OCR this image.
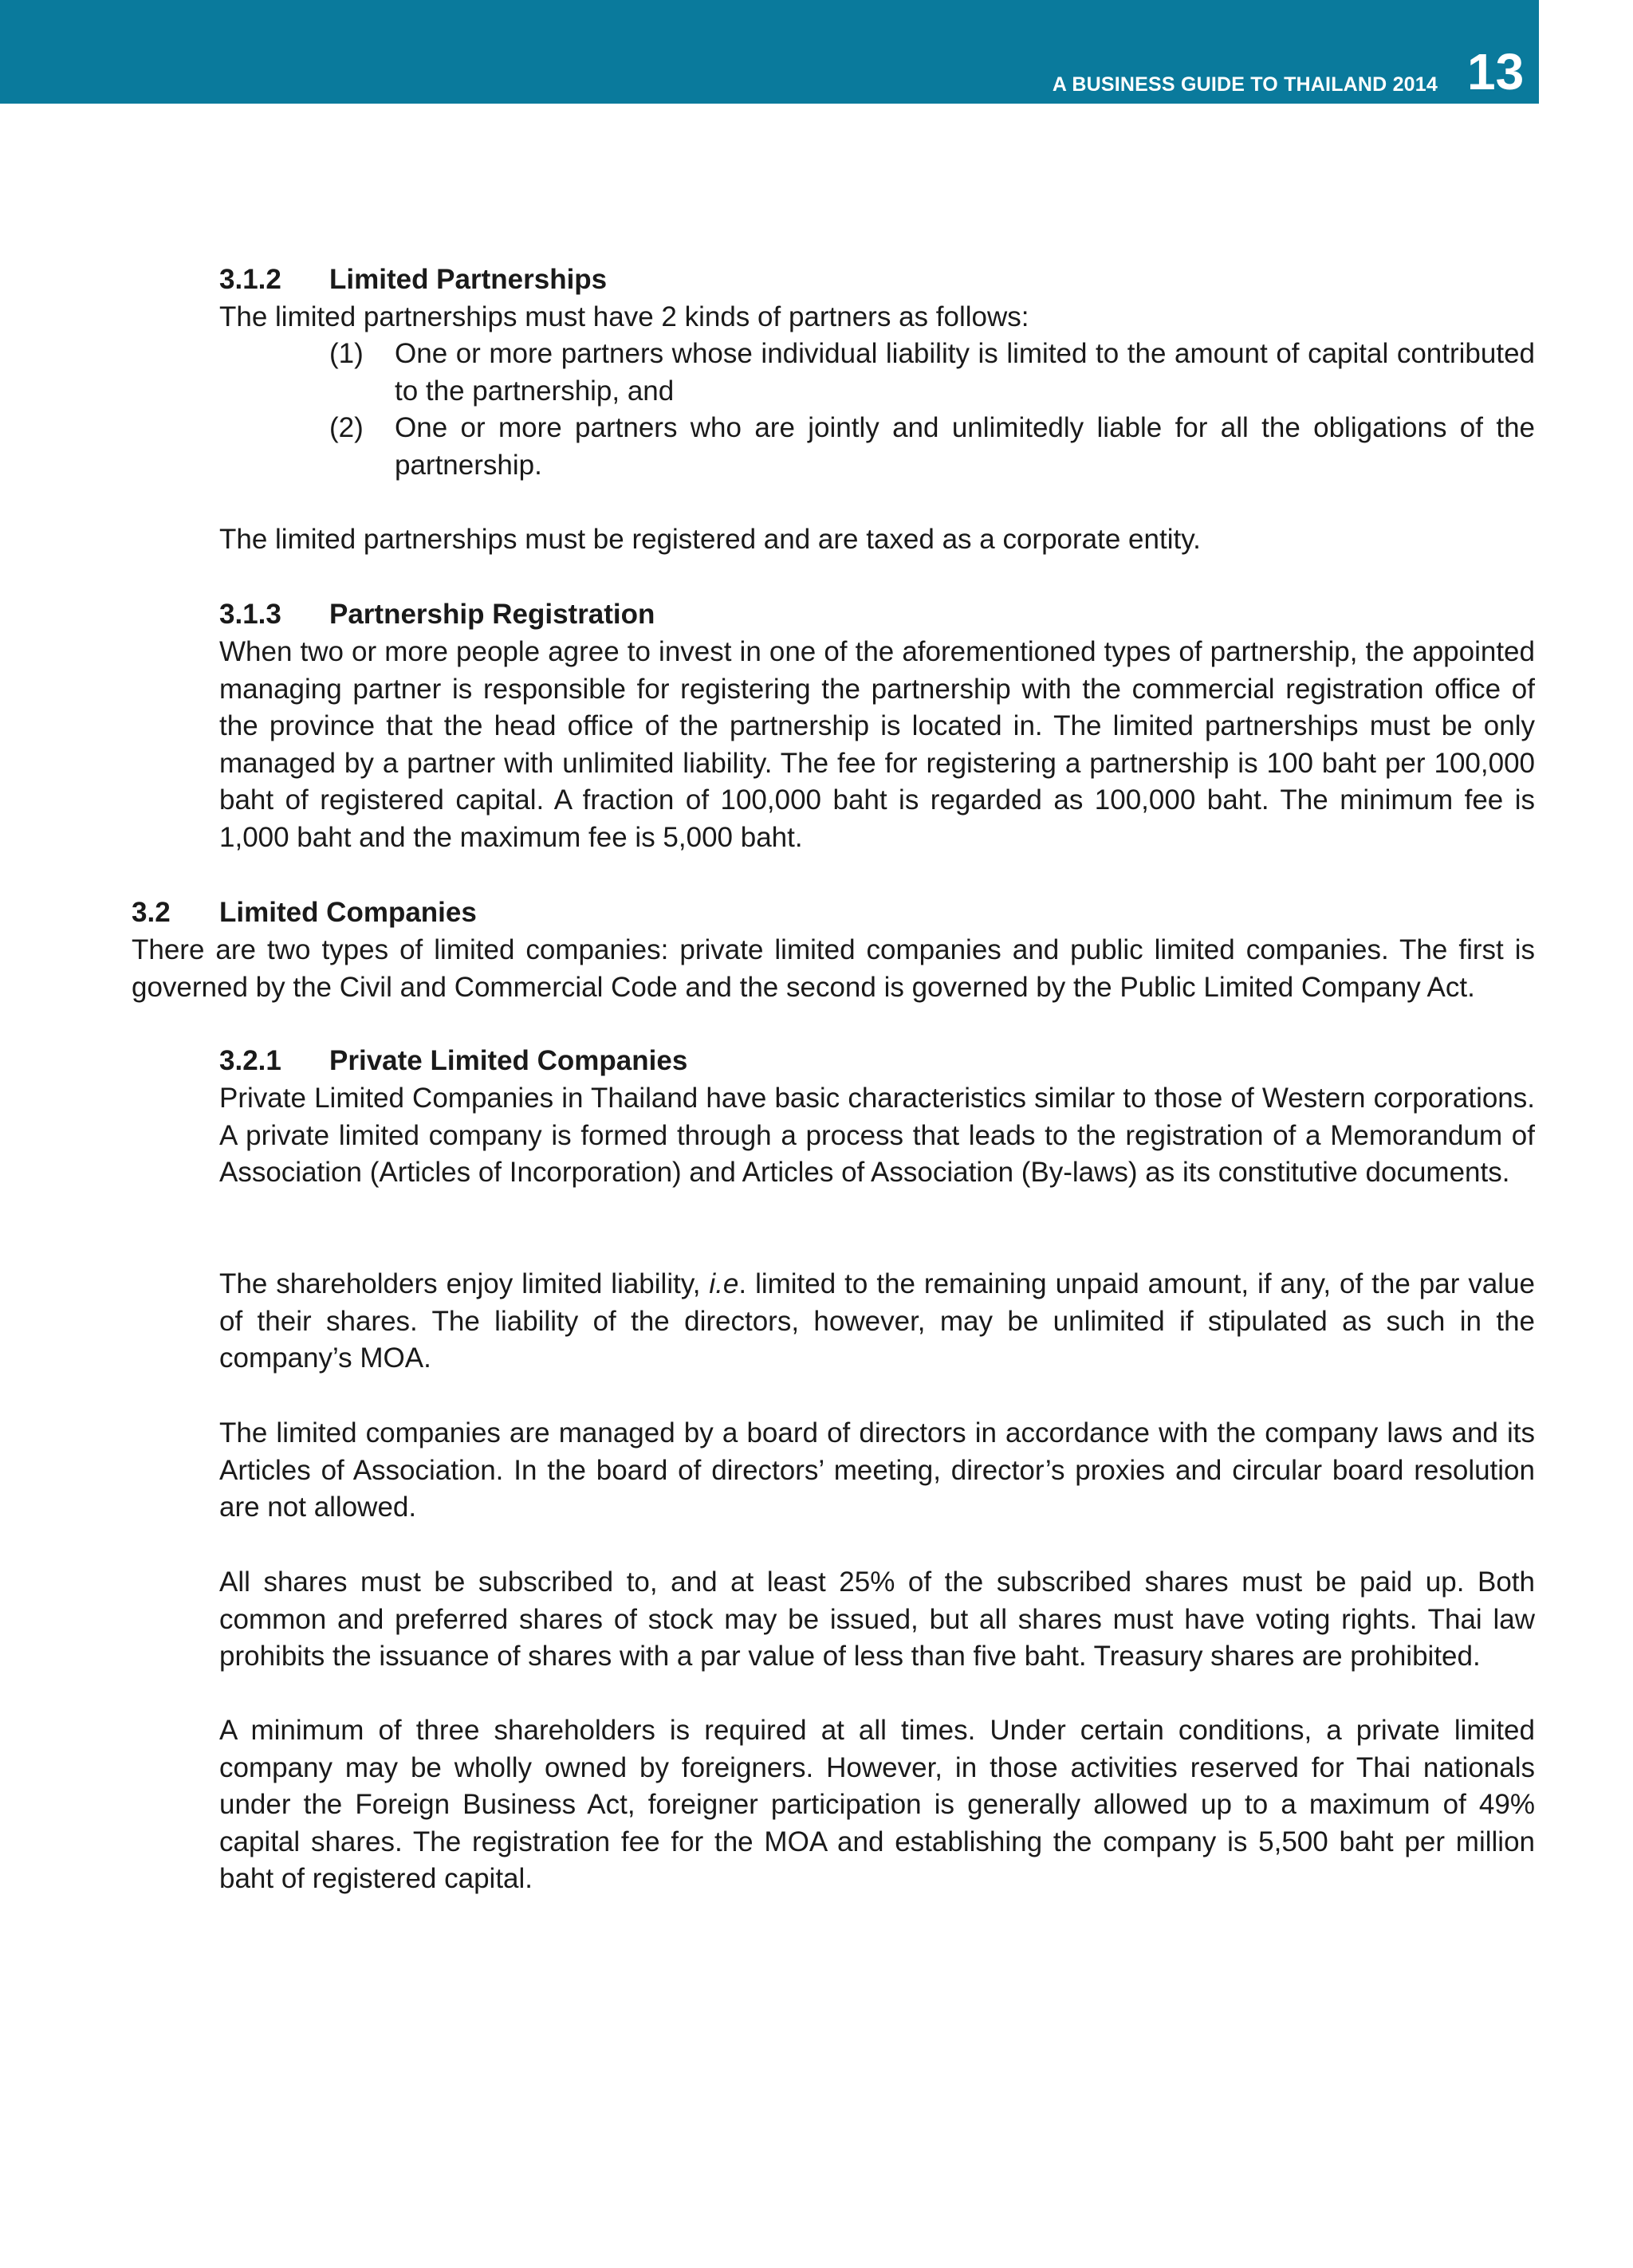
A BUSINESS GUIDE TO THAILAND 2014 13
3.1.2 Limited Partnerships

The limited partnerships must have 2 kinds of partners as follows:

(1) One or more partners whose individual liability is limited to the amount of capital contributed to the partnership, and
(2) One or more partners who are jointly and unlimitedly liable for all the obligations of the partnership.

The limited partnerships must be registered and are taxed as a corporate entity.

3.1.3 Partnership Registration

When two or more people agree to invest in one of the aforementioned types of partnership, the appointed managing partner is responsible for registering the partnership with the commercial registration office of the province that the head office of the partnership is located in. The limited partnerships must be only managed by a partner with unlimited liability. The fee for registering a partnership is 100 baht per 100,000 baht of registered capital. A fraction of 100,000 baht is regarded as 100,000 baht. The minimum fee is 1,000 baht and the maximum fee is 5,000 baht.

3.2 Limited Companies

There are two types of limited companies: private limited companies and public limited companies. The first is governed by the Civil and Commercial Code and the second is governed by the Public Limited Company Act.

3.2.1 Private Limited Companies

Private Limited Companies in Thailand have basic characteristics similar to those of Western corporations. A private limited company is formed through a process that leads to the registration of a Memorandum of Association (Articles of Incorporation) and Articles of Association (By-laws) as its constitutive documents.

The shareholders enjoy limited liability, i.e. limited to the remaining unpaid amount, if any, of the par value of their shares. The liability of the directors, however, may be unlimited if stipulated as such in the company’s MOA.

The limited companies are managed by a board of directors in accordance with the company laws and its Articles of Association. In the board of directors’ meeting, director’s proxies and circular board resolution are not allowed.

All shares must be subscribed to, and at least 25% of the subscribed shares must be paid up. Both common and preferred shares of stock may be issued, but all shares must have voting rights. Thai law prohibits the issuance of shares with a par value of less than five baht. Treasury shares are prohibited.

A minimum of three shareholders is required at all times. Under certain conditions, a private limited company may be wholly owned by foreigners. However, in those activities reserved for Thai nationals under the Foreign Business Act, foreigner participation is generally allowed up to a maximum of 49% capital shares. The registration fee for the MOA and establishing the company is 5,500 baht per million baht of registered capital.
